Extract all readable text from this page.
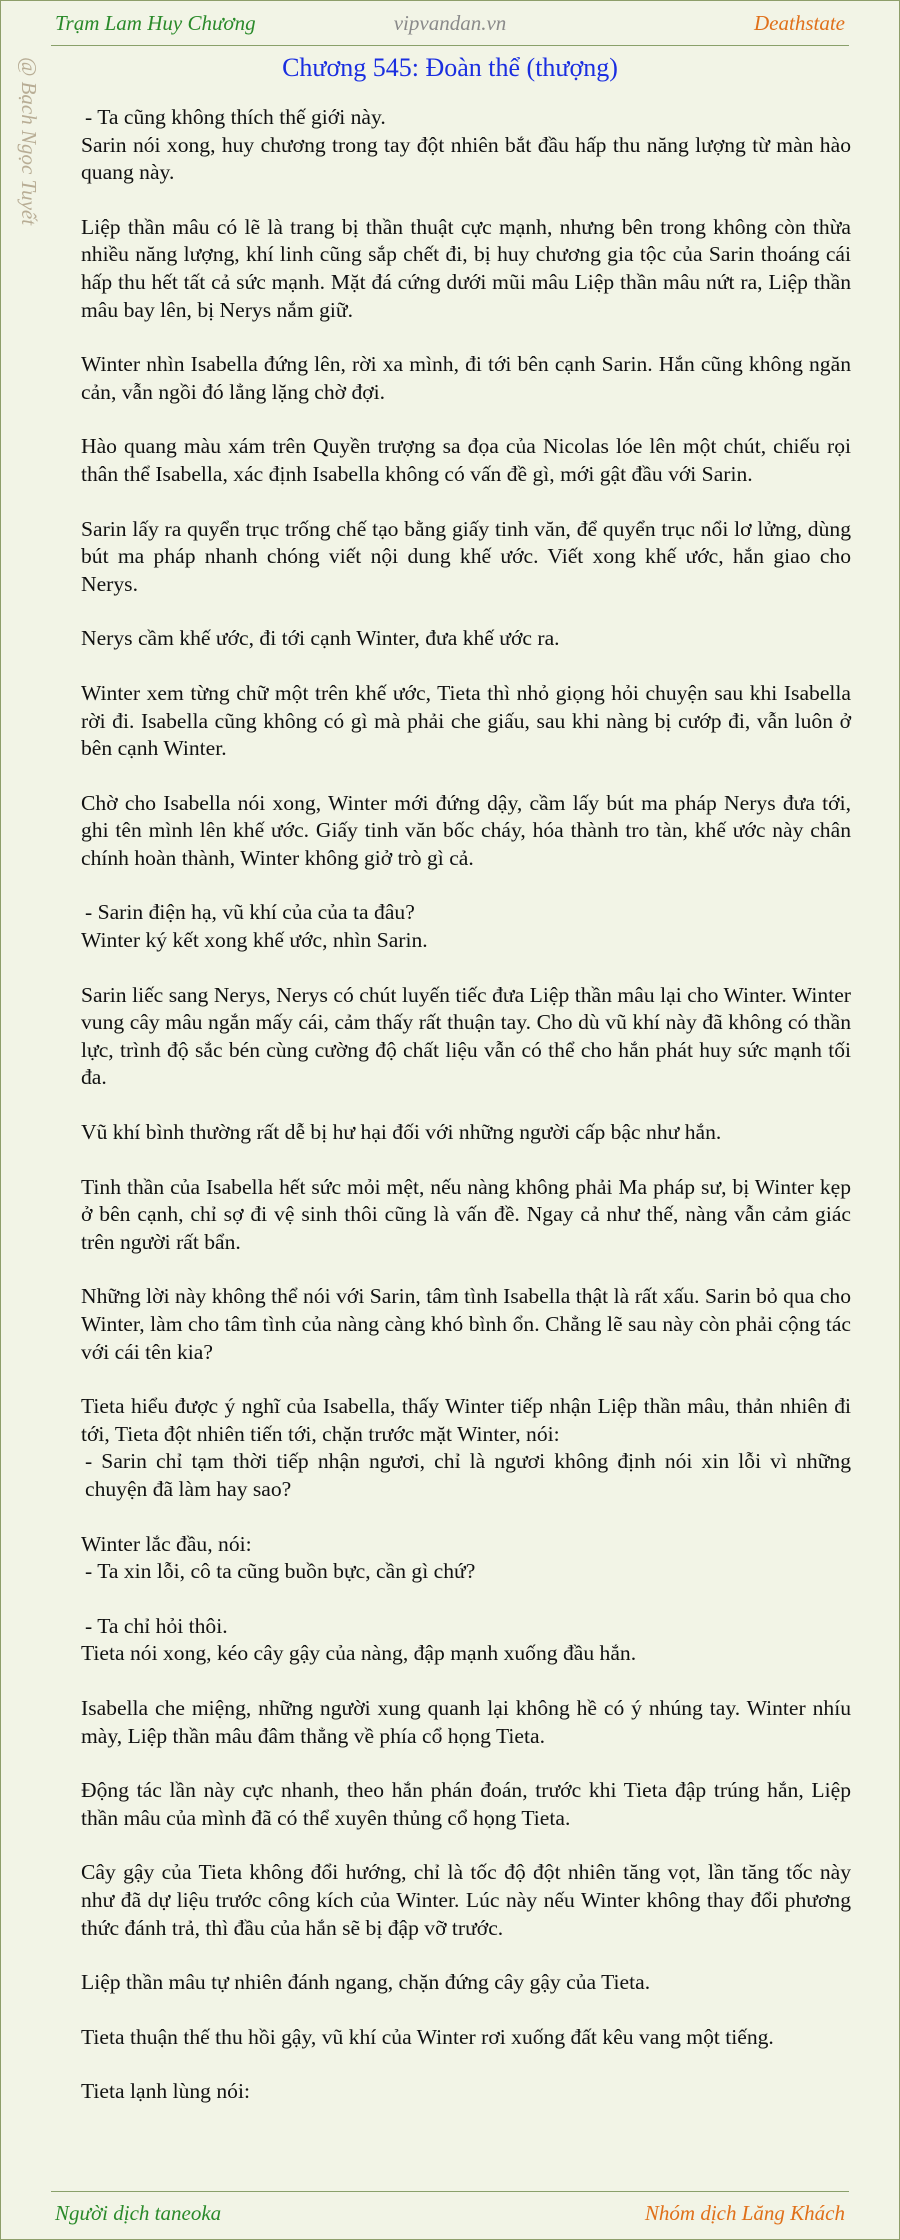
Trạm Lam Huy Chương	vipvandan.vn	Deathstate
@ Bạch Ngọc Tuyết	Chương 545: Đoàn thể (thượng)

- Ta cũng không thích thế giới này.

Sarin nói xong, huy chương trong tay đột nhiên bắt đầu hấp thu năng lượng từ màn hào quang này.

Liệp thần mâu có lẽ là trang bị thần thuật cực mạnh, nhưng bên trong không còn thừa nhiều năng lượng, khí linh cũng sắp chết đi, bị huy chương gia tộc của Sarin thoáng cái hấp thu hết tất cả sức mạnh. Mặt đá cứng dưới mũi mâu Liệp thần mâu nứt ra, Liệp thần mâu bay lên, bị Nerys nắm giữ.

Winter nhìn Isabella đứng lên, rời xa mình, đi tới bên cạnh Sarin. Hắn cũng không ngăn cản, vẫn ngồi đó lẳng lặng chờ đợi.

Hào quang màu xám trên Quyền trượng sa đọa của Nicolas lóe lên một chút, chiếu rọi thân thể Isabella, xác định Isabella không có vấn đề gì, mới gật đầu với Sarin.

Sarin lấy ra quyển trục trống chế tạo bằng giấy tinh văn, để quyển trục nổi lơ lửng, dùng bút ma pháp nhanh chóng viết nội dung khế ước. Viết xong khế ước, hắn giao cho Nerys.

Nerys cầm khế ước, đi tới cạnh Winter, đưa khế ước ra.

Winter xem từng chữ một trên khế ước, Tieta thì nhỏ giọng hỏi chuyện sau khi Isabella rời đi. Isabella cũng không có gì mà phải che giấu, sau khi nàng bị cướp đi, vẫn luôn ở bên cạnh Winter.

Chờ cho Isabella nói xong, Winter mới đứng dậy, cầm lấy bút ma pháp Nerys đưa tới, ghi tên mình lên khế ước. Giấy tinh văn bốc cháy, hóa thành tro tàn, khế ước này chân chính hoàn thành, Winter không giở trò gì cả.

- Sarin điện hạ, vũ khí của của ta đâu?

Winter ký kết xong khế ước, nhìn Sarin.

Sarin liếc sang Nerys, Nerys có chút luyến tiếc đưa Liệp thần mâu lại cho Winter. Winter vung cây mâu ngắn mấy cái, cảm thấy rất thuận tay. Cho dù vũ khí này đã không có thần lực, trình độ sắc bén cùng cường độ chất liệu vẫn có thể cho hắn phát huy sức mạnh tối đa.

Vũ khí bình thường rất dễ bị hư hại đối với những người cấp bậc như hắn.

Tinh thần của Isabella hết sức mỏi mệt, nếu nàng không phải Ma pháp sư, bị Winter kẹp ở bên cạnh, chỉ sợ đi vệ sinh thôi cũng là vấn đề. Ngay cả như thế, nàng vẫn cảm giác trên người rất bẩn.

Những lời này không thể nói với Sarin, tâm tình Isabella thật là rất xấu. Sarin bỏ qua cho Winter, làm cho tâm tình của nàng càng khó bình ổn. Chẳng lẽ sau này còn phải cộng tác với cái tên kia?

Tieta hiểu được ý nghĩ của Isabella, thấy Winter tiếp nhận Liệp thần mâu, thản nhiên đi tới, Tieta đột nhiên tiến tới, chặn trước mặt Winter, nói:

- Sarin chỉ tạm thời tiếp nhận ngươi, chỉ là ngươi không định nói xin lỗi vì những chuyện đã làm hay sao?

Winter lắc đầu, nói:

- Ta xin lỗi, cô ta cũng buồn bực, cần gì chứ?

- Ta chỉ hỏi thôi.

Tieta nói xong, kéo cây gậy của nàng, đập mạnh xuống đầu hắn.

Isabella che miệng, những người xung quanh lại không hề có ý nhúng tay. Winter nhíu mày, Liệp thần mâu đâm thẳng về phía cổ họng Tieta.

Động tác lần này cực nhanh, theo hắn phán đoán, trước khi Tieta đập trúng hắn, Liệp thần mâu của mình đã có thể xuyên thủng cổ họng Tieta.

Cây gậy của Tieta không đổi hướng, chỉ là tốc độ đột nhiên tăng vọt, lần tăng tốc này như đã dự liệu trước công kích của Winter. Lúc này nếu Winter không thay đổi phương thức đánh trả, thì đầu của hắn sẽ bị đập vỡ trước.

Liệp thần mâu tự nhiên đánh ngang, chặn đứng cây gậy của Tieta.

Tieta thuận thế thu hồi gậy, vũ khí của Winter rơi xuống đất kêu vang một tiếng.

Tieta lạnh lùng nói:

Người dịch taneoka	Nhóm dịch Lăng Khách
